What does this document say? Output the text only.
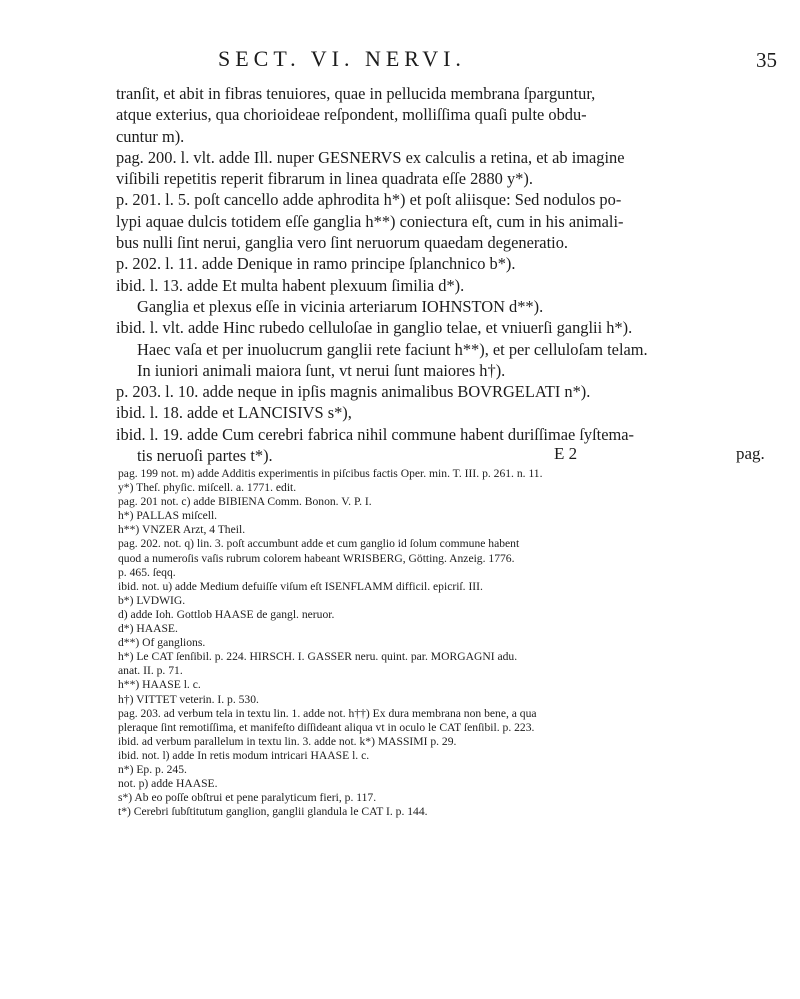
SECT. VI. NERVI.	35
tranſit, et abit in fibras tenuiores, quae in pellucida membrana ſparguntur,
atque exterius, qua chorioideae reſpondent, molliſſima quaſi pulte obdu-
cuntur m).
pag. 200. l. vlt. adde Ill. nuper GESNERVS ex calculis a retina, et ab imagine
viſibili repetitis reperit fibrarum in linea quadrata eſſe 2880 y*).
p. 201. l. 5. poſt cancello adde aphrodita h*) et poſt aliisque: Sed nodulos po-
lypi aquae dulcis totidem eſſe ganglia h**) coniectura eſt, cum in his animali-
bus nulli ſint nerui, ganglia vero ſint neruorum quaedam degeneratio.
p. 202. l. 11. adde Denique in ramo principe ſplanchnico b*).
ibid. l. 13. adde Et multa habent plexuum ſimilia d*).
Ganglia et plexus eſſe in vicinia arteriarum IOHNSTON d**).
ibid. l. vlt. adde Hinc rubedo celluloſae in ganglio telae, et vniuerſi ganglii h*).
Haec vaſa et per inuolucrum ganglii rete faciunt h**), et per celluloſam telam.
In iuniori animali maiora ſunt, vt nerui ſunt maiores h†).
p. 203. l. 10. adde neque in ipſis magnis animalibus BOVRGELATI n*).
ibid. l. 18. adde et LANCISIVS s*),
ibid. l. 19. adde Cum cerebri fabrica nihil commune habent duriſſimae ſyſtema-
tis neruoſi partes t*).	E 2	pag.
pag. 199 not. m) adde Additis experimentis in piſcibus factis Oper. min. T. III. p. 261. n. 11.
y*) Theſ. phyſic. miſcell. a. 1771. edit.
pag. 201 not. c) adde BIBIENA Comm. Bonon. V. P. I.
h*) PALLAS miſcell.
h**) VNZER Arzt, 4 Theil.
pag. 202. not. q) lin. 3. poſt accumbunt adde et cum ganglio id ſolum commune habent
quod a numeroſis vaſis rubrum colorem habeant WRISBERG, Götting. Anzeig. 1776.
p. 465. ſeqq.
ibid. not. u) adde Medium defuiſſe viſum eſt ISENFLAMM difficil. epicriſ. III.
b*) LVDWIG.
d) adde Ioh. Gottlob HAASE de gangl. neruor.
d*) HAASE.
d**) Of ganglions.
h*) Le CAT ſenſibil. p. 224. HIRSCH. I. GASSER neru. quint. par. MORGAGNI adu.
anat. II. p. 71.
h**) HAASE l. c.
h†) VITTET veterin. I. p. 530.
pag. 203. ad verbum tela in textu lin. 1. adde not. h††) Ex dura membrana non bene, a qua
pleraque ſint remotiſſima, et manifeſto diſſideant aliqua vt in oculo le CAT ſenſibil. p. 223.
ibid. ad verbum parallelum in textu lin. 3. adde not. k*) MASSIMI p. 29.
ibid. not. l) adde In retis modum intricari HAASE l. c.
n*) Ep. p. 245.
not. p) adde HAASE.
s*) Ab eo poſſe obſtrui et pene paralyticum fieri, p. 117.
t*) Cerebri ſubſtitutum ganglion, ganglii glandula le CAT I. p. 144.
